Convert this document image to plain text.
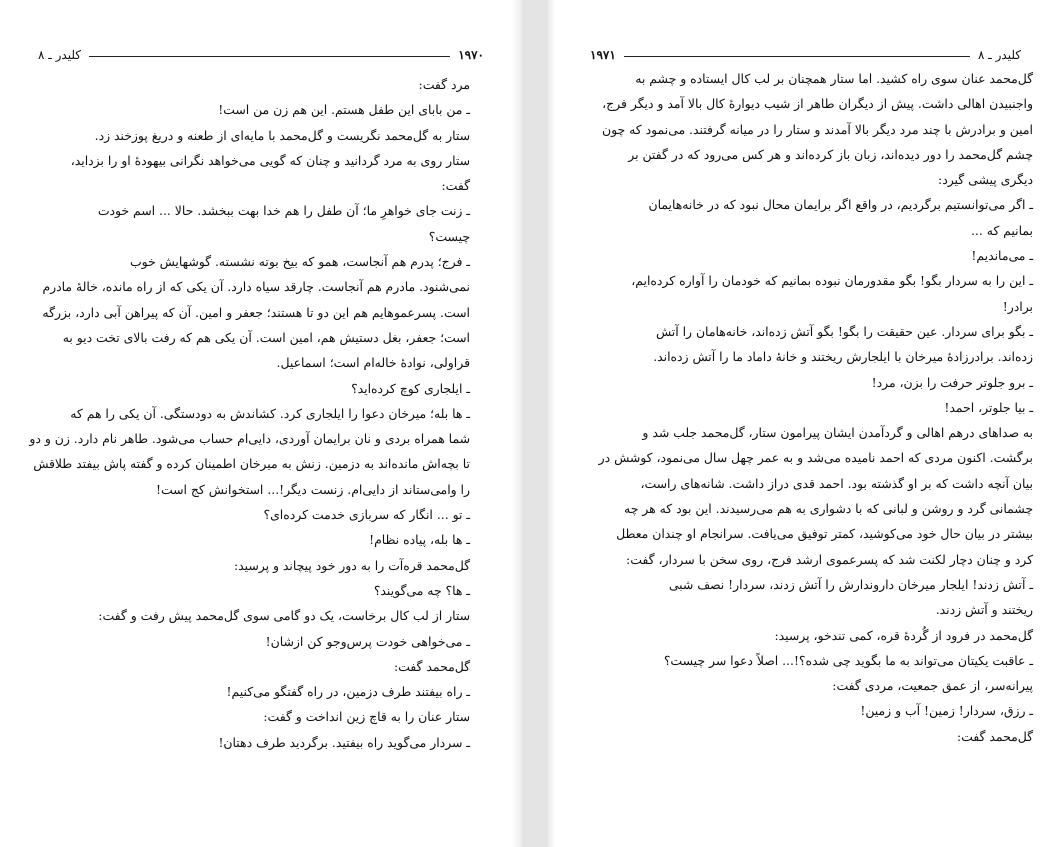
کلیدر ـ ۸	۱۹۷۰

مرد گفت:

ـ من بابای این طفل هستم. این هم زن من است!

ستار به گل‌محمد نگریست و گل‌محمد با مایه‌ای از طعنه و دریغ پوزخند زد.

ستار روی به مرد گردانید و چنان که گویی می‌خواهد نگرانی بیهودهٔ او را بزداید،

گفت:

ـ زنت جای خواهرِ ما؛ آن طفل را هم خدا بهت ببخشد. حالا ... اسم خودت

چیست؟

ـ فرج؛ پدرم هم آنجاست، همو که بیخ بوته نشسته. گوشهایش خوب

نمی‌شنود. مادرم هم آنجاست. چارقد سیاه دارد. آن یکی که از راه مانده، خالهٔ مادرم

است. پسرعموهایم هم این دو تا هستند؛ جعفر و امین. آن که پیراهن آبی دارد، بزرگه

است؛ جعفر، بغل دستیش هم، امین است. آن یکی هم که رفت بالای تخت دیو به

قراولی، نوادهٔ خاله‌ام است؛ اسماعیل.

ـ ایلجاری کوچ کرده‌اید؟

ـ ها بله؛ میرخان دعوا را ایلجاری کرد. کشاندش به دودستگی. آن یکی را هم که

شما همراه بردی و نان برایمان آوردی، دایی‌ام حساب می‌شود. طاهر نام دارد. زن و دو

تا بچه‌اش مانده‌اند به دزمین. زنش به میرخان اطمینان کرده و گفته پاش بیفتد طلاقش

را وامی‌ستاند از دایی‌ام. زنست دیگر!... استخوانش کج است!

ـ تو ... انگار که سربازی خدمت کرده‌ای؟

ـ ها بله، پیاده نظام!

گل‌محمد قره‌آت را به دور خود پیچاند و پرسید:

ـ ها؟ چه می‌گویند؟

ستار از لب کال برخاست، یک دو گامی سوی گل‌محمد پیش رفت و گفت:

ـ می‌خواهی خودت پرس‌وجو کن ازشان!

گل‌محمد گفت:

ـ راه بیفتند طرف دزمین، در راه گفتگو می‌کنیم!

ستار عنان را به قاچ زین انداخت و گفت:

ـ سردار می‌گوید راه بیفتید. برگردید طرف دهتان!

۱۹۷۱	کلیدر ـ ۸

گل‌محمد عنان سوی راه کشید. اما ستار همچنان بر لب کال ایستاده و چشم به

واجنبیدن اهالی داشت. پیش از دیگران طاهر از شیب دیوارهٔ کال بالا آمد و دیگر فرج،

امین و برادرش با چند مرد دیگر بالا آمدند و ستار را در میانه گرفتند. می‌نمود که چون

چشم گل‌محمد را دور دیده‌اند، زبان باز کرده‌اند و هر کس می‌رود که در گفتن بر

دیگری پیشی گیرد:

ـ اگر می‌توانستیم برگردیم، در واقع اگر برایمان محال نبود که در خانه‌هایمان

بمانیم که ...

ـ می‌ماندیم!

ـ این را به سردار بگو! بگو مقدورمان نبوده بمانیم که خودمان را آواره کرده‌ایم،

برادر!

ـ بگو برای سردار. عین حقیقت را بگو! بگو آتش زده‌اند، خانه‌هامان را آتش

زده‌اند. برادرزادهٔ میرخان با ایلجارش ریختند و خانهٔ داماد ما را آتش زده‌اند.

ـ برو جلوتر حرفت را بزن، مرد!

ـ بیا جلوتر، احمد!

به صداهای درهم اهالی و گردآمدن ایشان پیرامون ستار، گل‌محمد جلب شد و

برگشت. اکنون مردی که احمد نامیده می‌شد و به عمر چهل سال می‌نمود، کوشش در

بیان آنچه داشت که بر او گذشته بود. احمد قدی دراز داشت. شانه‌های راست،

چشمانی گرد و روشن و لبانی که با دشواری به هم می‌رسیدند. این بود که هر چه

بیشتر در بیان حال خود می‌کوشید، کمتر توفیق می‌یافت. سرانجام او چندان معطل

کرد و چنان دچار لکنت شد که پسرعموی ارشد فرج، روی سخن با سردار، گفت:

ـ آتش زدند! ایلجار میرخان داروندارش را آتش زدند، سردار! نصف شبی

ریختند و آتش زدند.

گل‌محمد در فرود از گُردهٔ قره، کمی تندخو، پرسید:

ـ عاقبت یکیتان می‌تواند به ما بگوید چی شده؟!... اصلاً دعوا سر چیست؟

پیرانه‌سر، از عمق جمعیت، مردی گفت:

ـ رزق، سردار! زمین! آب و زمین!

گل‌محمد گفت:
